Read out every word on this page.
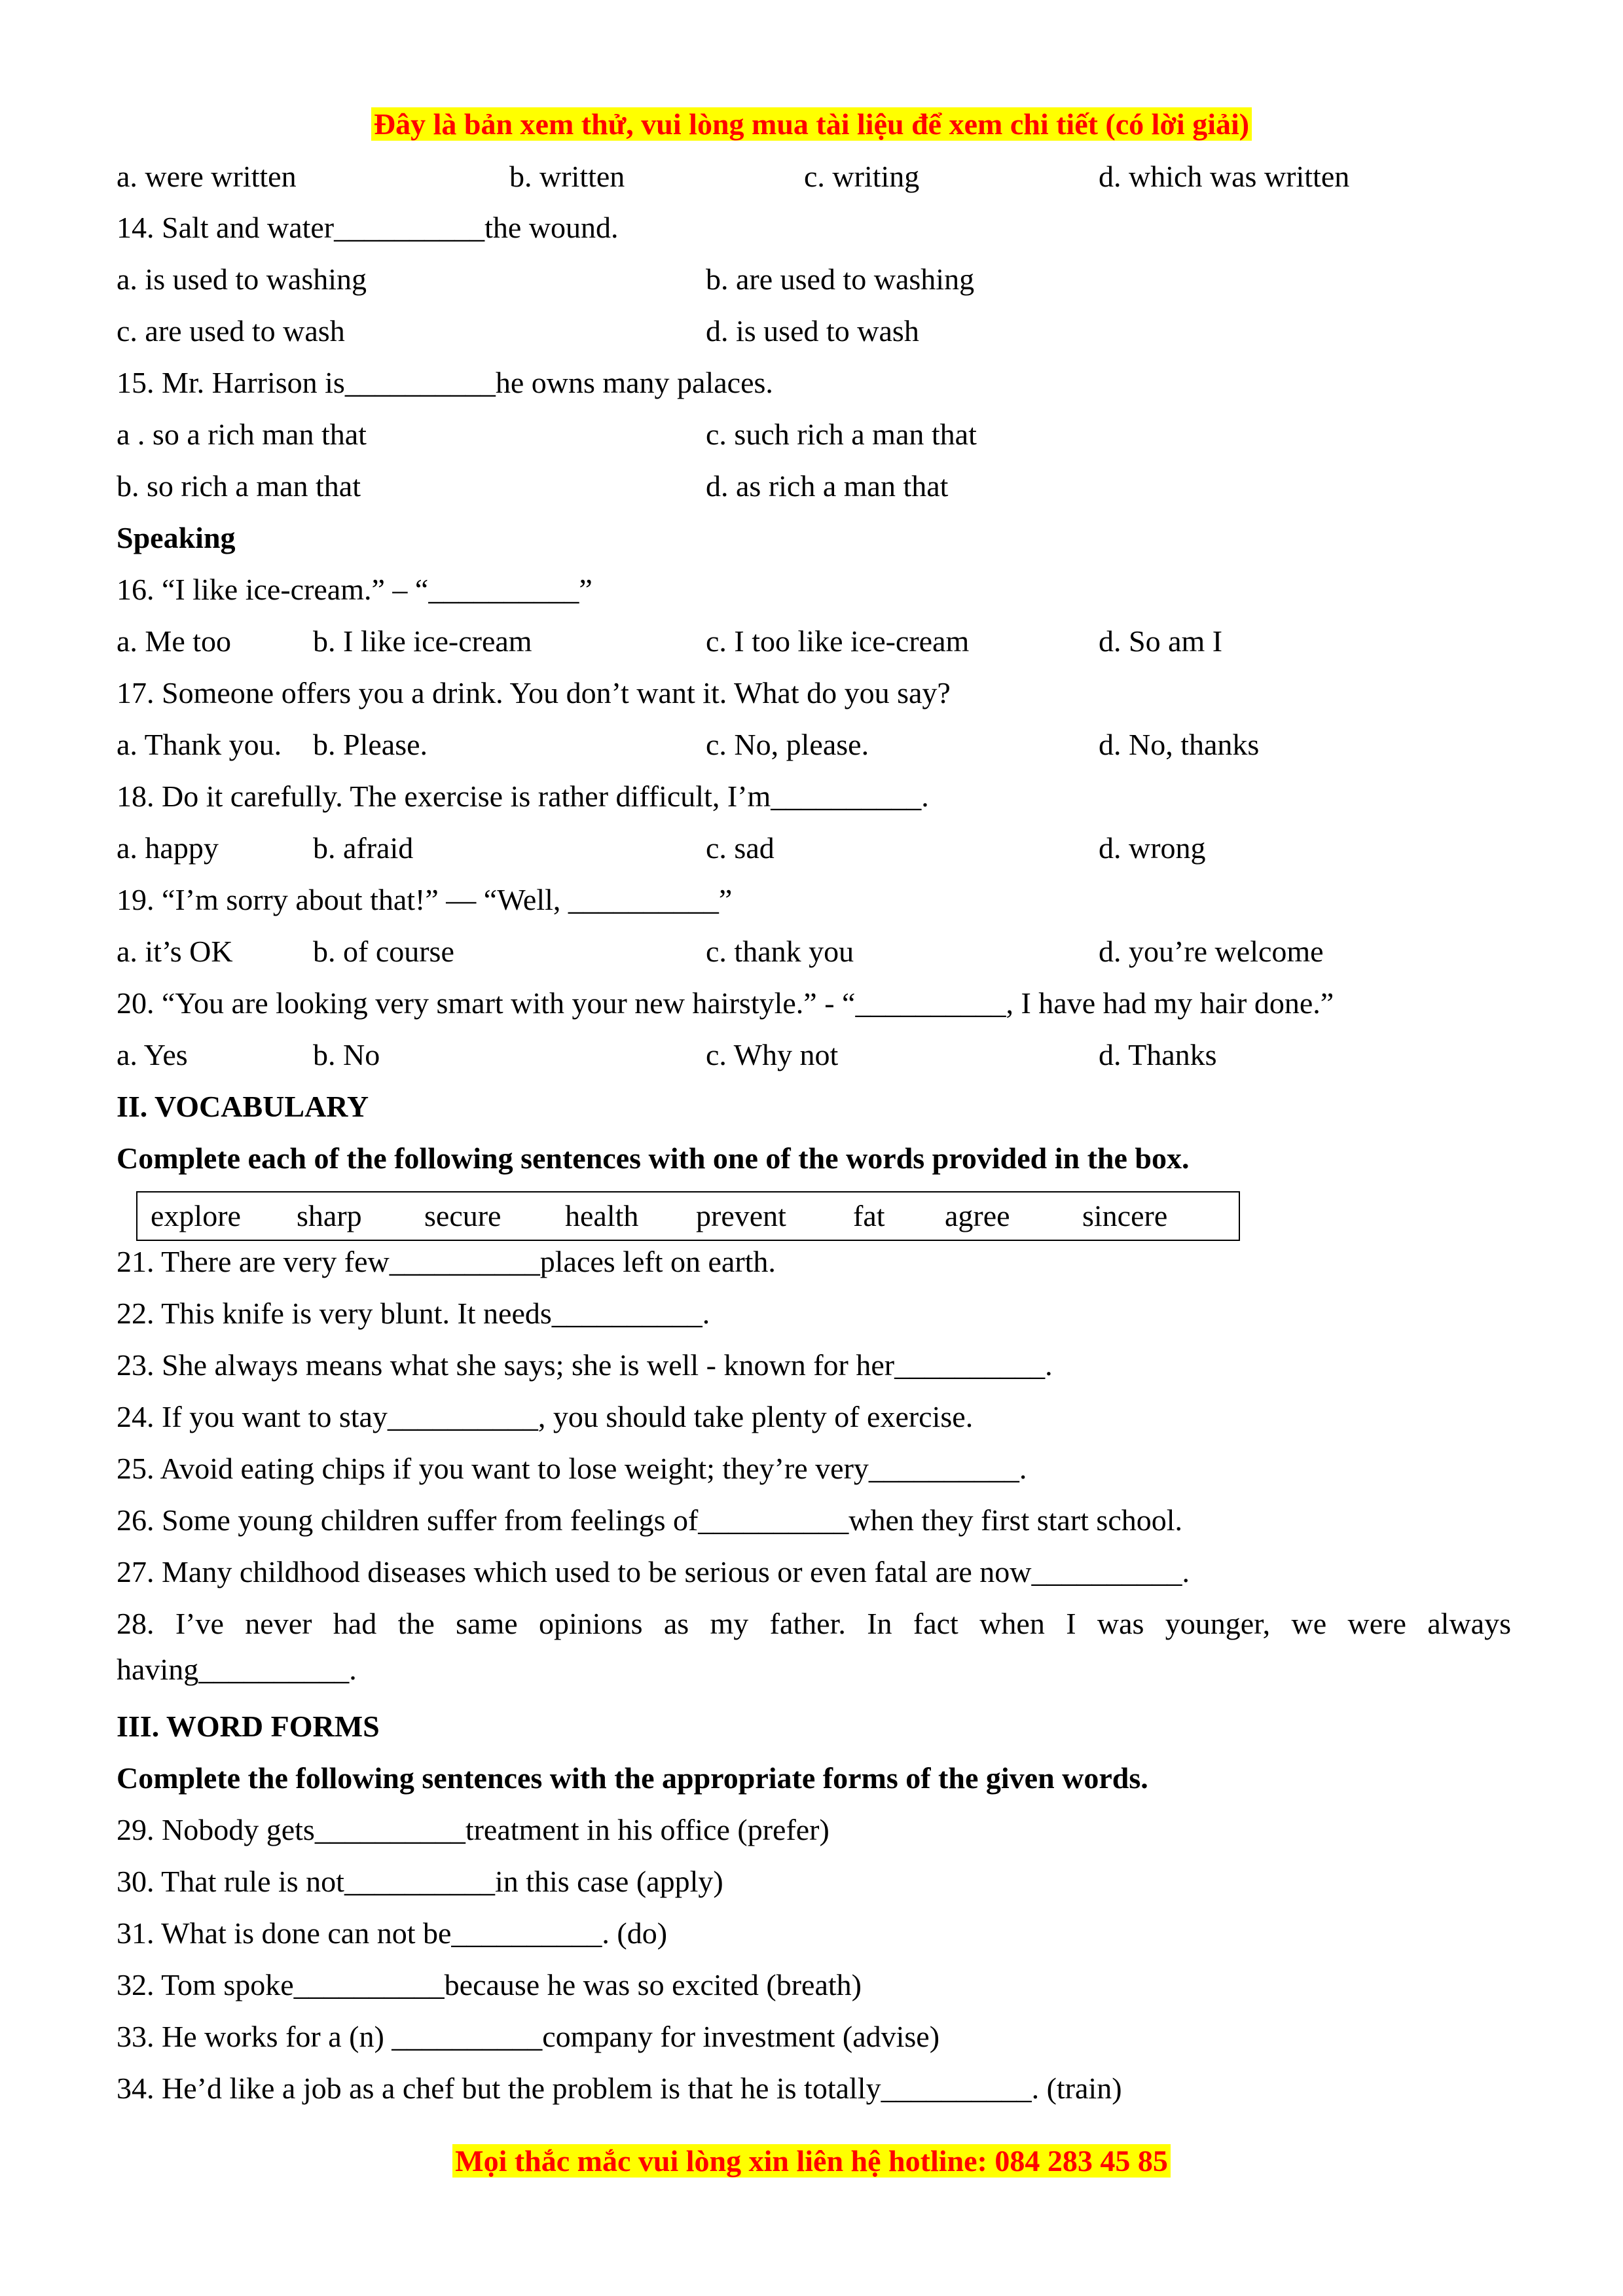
Đây là bản xem thử, vui lòng mua tài liệu để xem chi tiết (có lời giải)
a. were written	b. written	c. writing	d. which was written
14. Salt and water__________the wound.
a. is used to washing	b. are used to washing
c. are used to wash	d. is used to wash
15. Mr. Harrison is__________he owns many palaces.
a . so a rich man that	c. such rich a man that
b. so rich a man that	d. as rich a man that
Speaking
16. “I like ice-cream.” – “__________”
a. Me too	b. I like ice-cream	c. I too like ice-cream	d. So am I
17. Someone offers you a drink. You don’t want it. What do you say?
a. Thank you. b. Please.	c. No, please.	d. No, thanks
18. Do it carefully. The exercise is rather difficult, I’m__________.
a. happy	b. afraid	c. sad	d. wrong
19. “I’m sorry about that!” — “Well, __________”
a. it’s OK	b. of course	c. thank you	d. you’re welcome
20. “You are looking very smart with your new hairstyle.” - “__________, I have had my hair done.”
a. Yes	b. No	c. Why not	d. Thanks
II. VOCABULARY
Complete each of the following sentences with one of the words provided in the box.
explore sharp secure health prevent fat agree sincere
21. There are very few__________places left on earth.
22. This knife is very blunt. It needs__________.
23. She always means what she says; she is well - known for her__________.
24. If you want to stay__________, you should take plenty of exercise.
25. Avoid eating chips if you want to lose weight; they’re very__________.
26. Some young children suffer from feelings of__________when they first start school.
27. Many childhood diseases which used to be serious or even fatal are now__________.
28. I’ve never had the same opinions as my father. In fact when I was younger, we were always having__________.
III. WORD FORMS
Complete the following sentences with the appropriate forms of the given words.
29. Nobody gets__________treatment in his office (prefer)
30. That rule is not__________in this case (apply)
31. What is done can not be__________. (do)
32. Tom spoke__________because he was so excited (breath)
33. He works for a (n) __________company for investment (advise)
34. He’d like a job as a chef but the problem is that he is totally__________. (train)
Mọi thắc mắc vui lòng xin liên hệ hotline: 084 283 45 85
